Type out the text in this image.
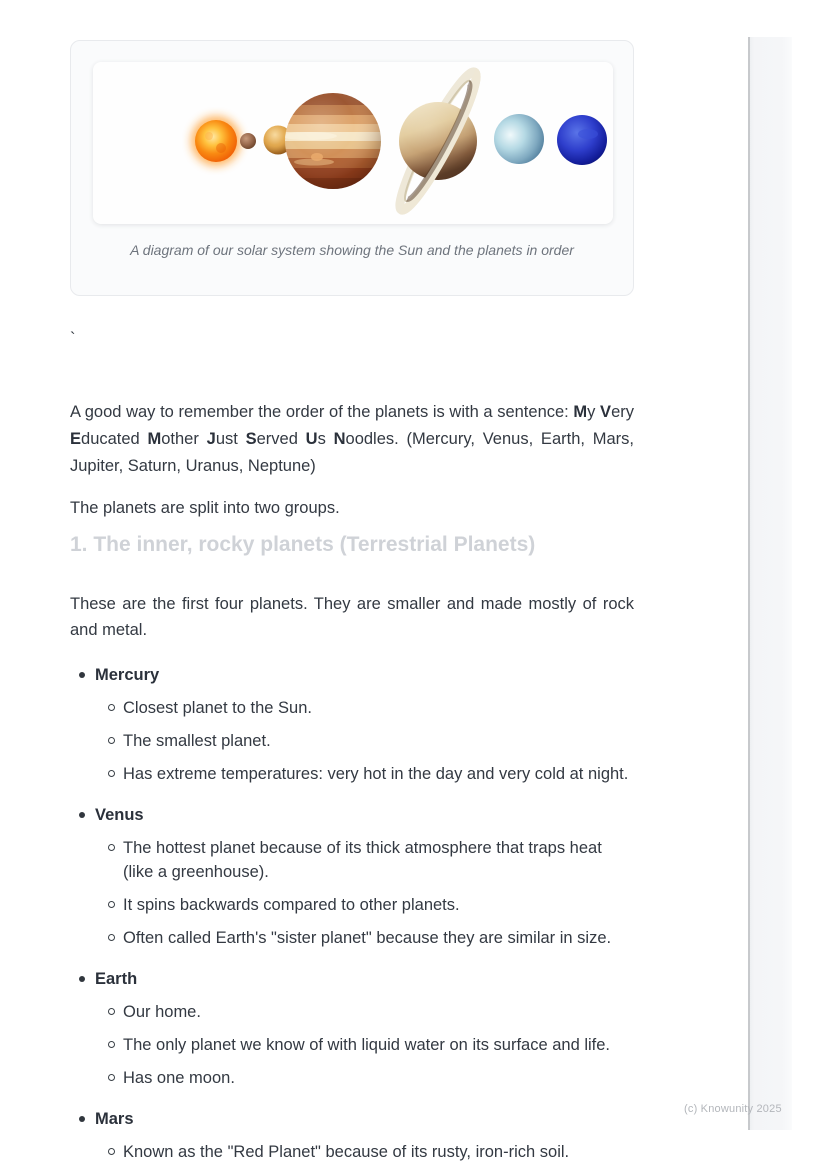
A diagram of our solar system showing the Sun and the planets in order
`

A good way to remember the order of the planets is with a sentence: My Very Educated Mother Just Served Us Noodles. (Mercury, Venus, Earth, Mars, Jupiter, Saturn, Uranus, Neptune)

The planets are split into two groups.

1. The inner, rocky planets (Terrestrial Planets)

These are the first four planets. They are smaller and made mostly of rock and metal.

Mercury
Closest planet to the Sun.
The smallest planet.
Has extreme temperatures: very hot in the day and very cold at night.
Venus
The hottest planet because of its thick atmosphere that traps heat (like a greenhouse).
It spins backwards compared to other planets.
Often called Earth's "sister planet" because they are similar in size.
Earth
Our home.
The only planet we know of with liquid water on its surface and life.
Has one moon.
Mars
Known as the "Red Planet" because of its rusty, iron-rich soil.
(c) Knowunity 2025
